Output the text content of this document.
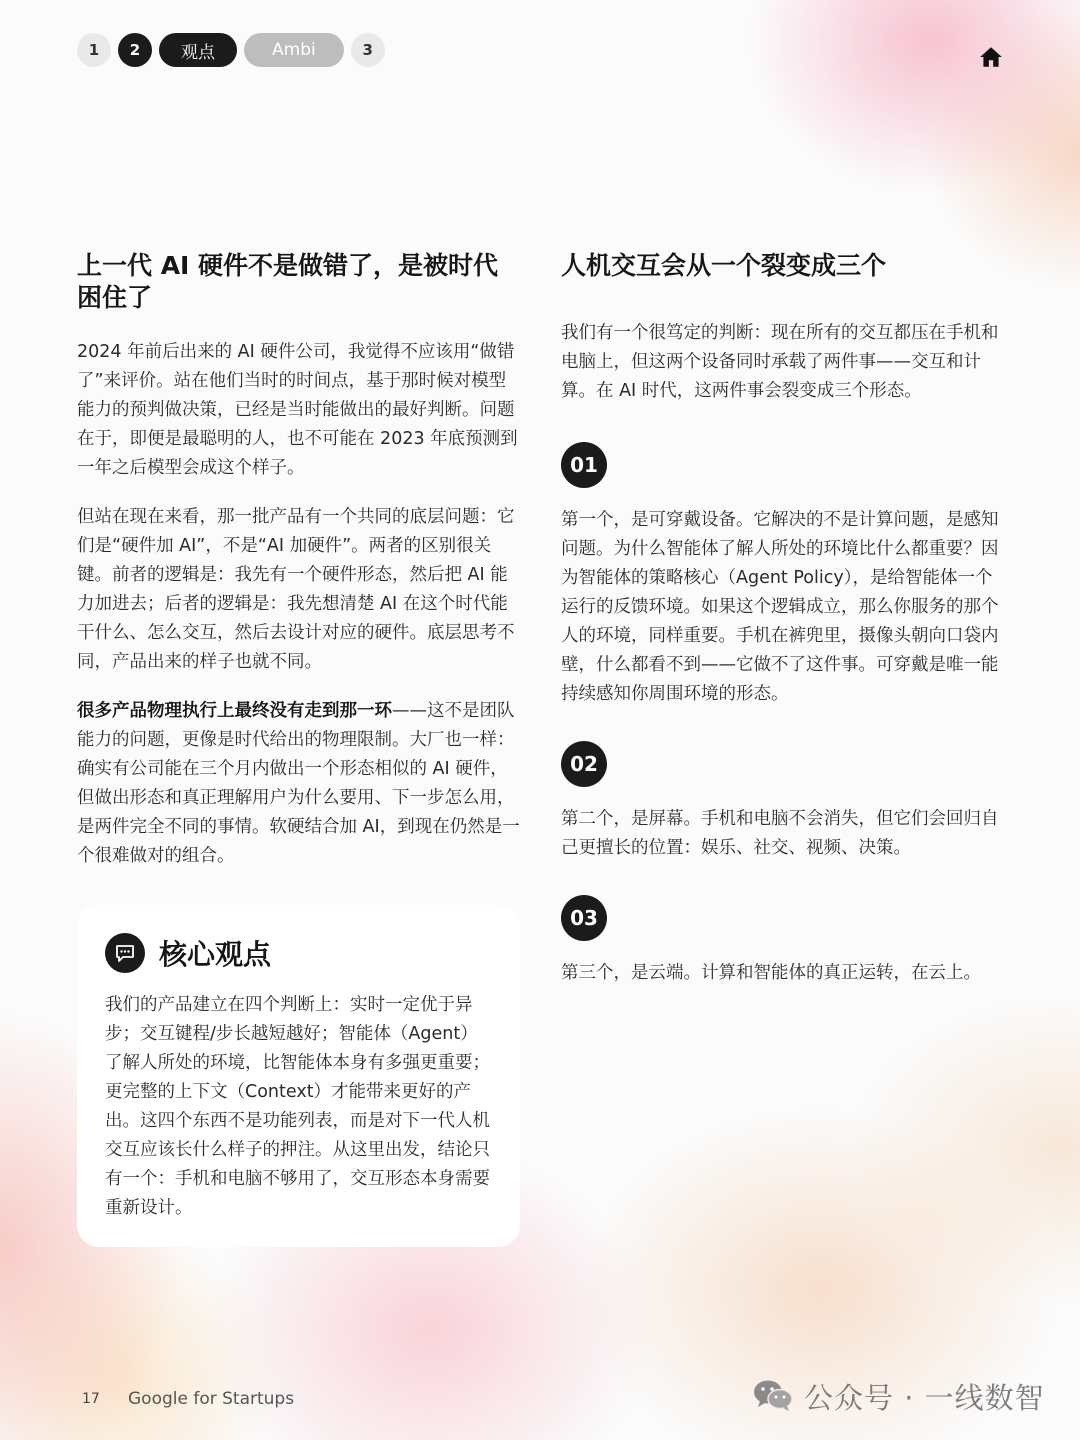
1	2	观点	Ambi	3
上一代 AI 硬件不是做错了，是被时代困住了

2024 年前后出来的 AI 硬件公司，我觉得不应该用“做错了”来评价。站在他们当时的时间点，基于那时候对模型能力的预判做决策，已经是当时能做出的最好判断。问题在于，即便是最聪明的人，也不可能在 2023 年底预测到一年之后模型会成这个样子。

但站在现在来看，那一批产品有一个共同的底层问题：它们是“硬件加 AI”，不是“AI 加硬件”。两者的区别很关键。前者的逻辑是：我先有一个硬件形态，然后把 AI 能力加进去；后者的逻辑是：我先想清楚 AI 在这个时代能干什么、怎么交互，然后去设计对应的硬件。底层思考不同，产品出来的样子也就不同。

很多产品物理执行上最终没有走到那一环——这不是团队能力的问题，更像是时代给出的物理限制。大厂也一样：确实有公司能在三个月内做出一个形态相似的 AI 硬件，但做出形态和真正理解用户为什么要用、下一步怎么用，是两件完全不同的事情。软硬结合加 AI，到现在仍然是一个很难做对的组合。

核心观点

我们的产品建立在四个判断上：实时一定优于异步；交互键程/步长越短越好；智能体（Agent）了解人所处的环境，比智能体本身有多强更重要；更完整的上下文（Context）才能带来更好的产出。这四个东西不是功能列表，而是对下一代人机交互应该长什么样子的押注。从这里出发，结论只有一个：手机和电脑不够用了，交互形态本身需要重新设计。

人机交互会从一个裂变成三个

我们有一个很笃定的判断：现在所有的交互都压在手机和电脑上，但这两个设备同时承载了两件事——交互和计算。在 AI 时代，这两件事会裂变成三个形态。

01

第一个，是可穿戴设备。它解决的不是计算问题，是感知问题。为什么智能体了解人所处的环境比什么都重要？因为智能体的策略核心（Agent Policy），是给智能体一个运行的反馈环境。如果这个逻辑成立，那么你服务的那个人的环境，同样重要。手机在裤兜里，摄像头朝向口袋内壁，什么都看不到——它做不了这件事。可穿戴是唯一能持续感知你周围环境的形态。

02

第二个，是屏幕。手机和电脑不会消失，但它们会回归自己更擅长的位置：娱乐、社交、视频、决策。

03

第三个，是云端。计算和智能体的真正运转，在云上。

17 Google for Startups	公众号 · 一线数智
